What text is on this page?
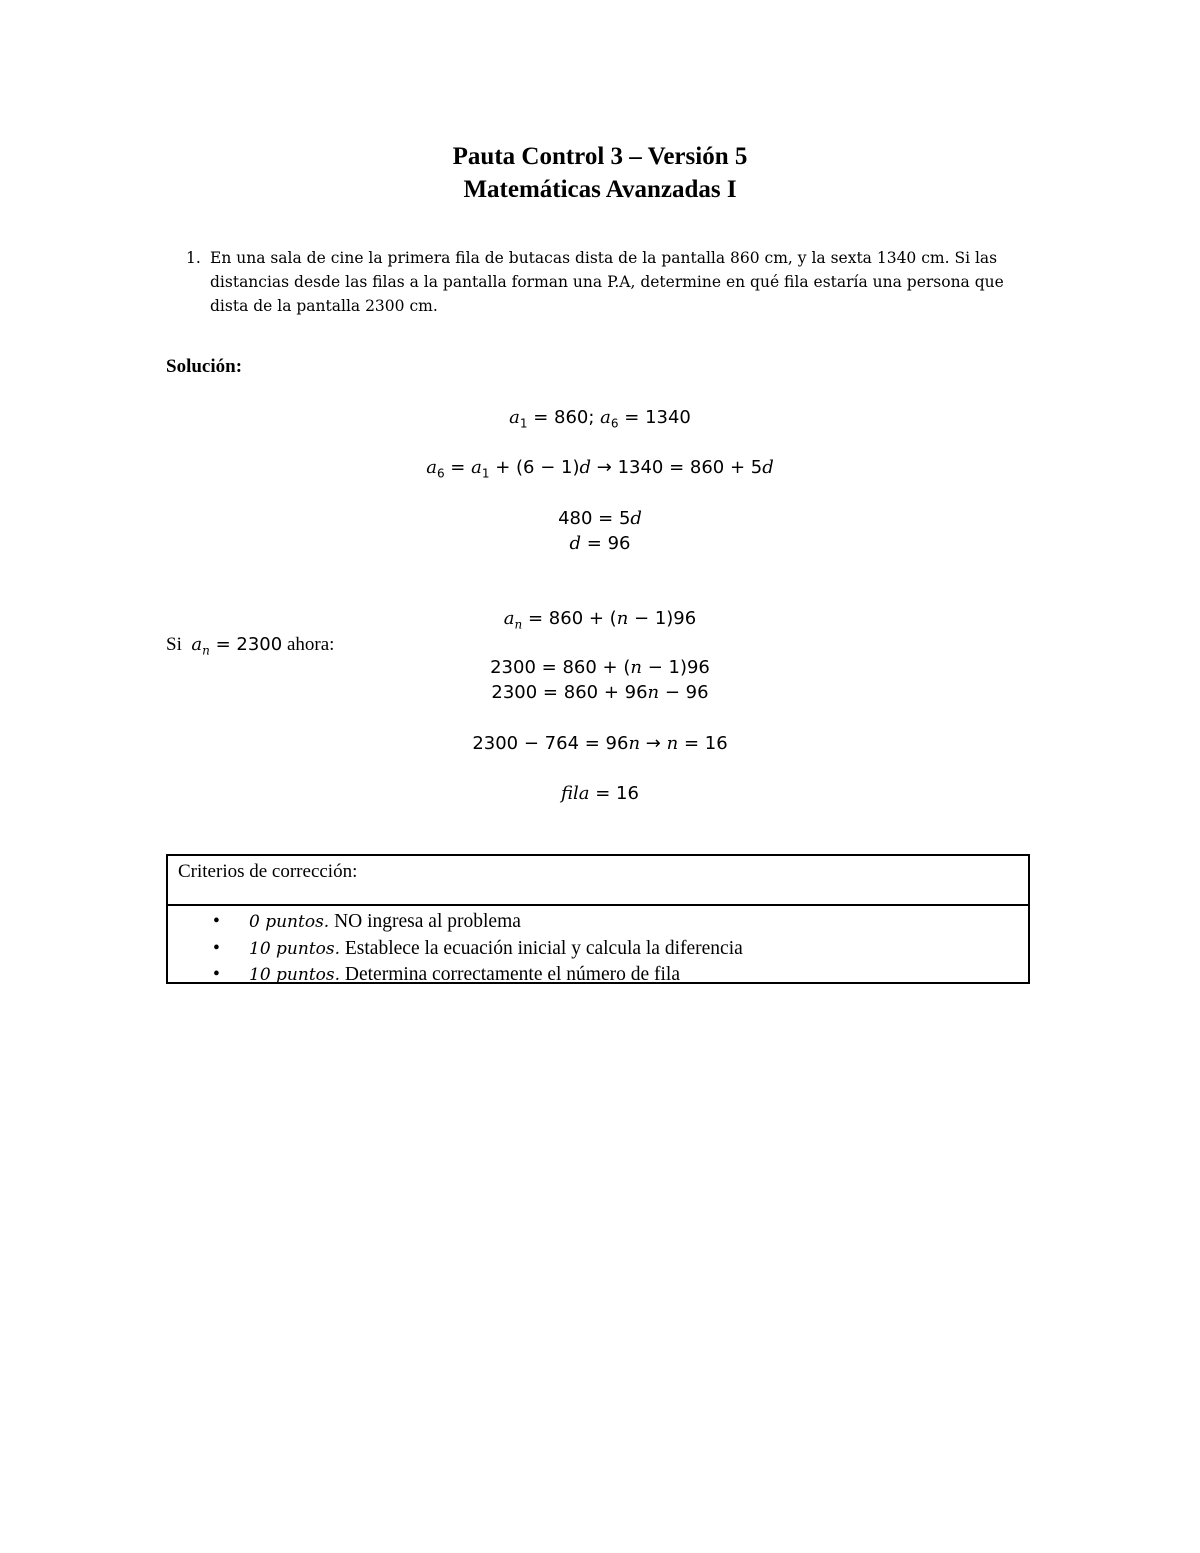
Pauta Control 3 – Versión 5
Matemáticas Avanzadas I
1. En una sala de cine la primera fila de butacas dista de la pantalla 860 cm, y la sexta 1340 cm. Si las
distancias desde las filas a la pantalla forman una P.A, determine en qué fila estaría una persona que
dista de la pantalla 2300 cm.
Solución:
$a_1 = 860$; $a_6 = 1340$
$a_6 = a_1 + (6 - 1)d \to 1340 = 860 + 5d$
480 = 5d
d = 96
$a_n = 860 + (n - 1)96$
Si $a_n = 2300$ ahora:
2300 = 860 + (n − 1)96
2300 = 860 + 96n − 96
2300 − 764 = 96n → n = 16
fila = 16
Criterios de corrección:
• 0 puntos. NO ingresa al problema
• 10 puntos. Establece la ecuación inicial y calcula la diferencia
• 10 puntos. Determina correctamente el número de fila
